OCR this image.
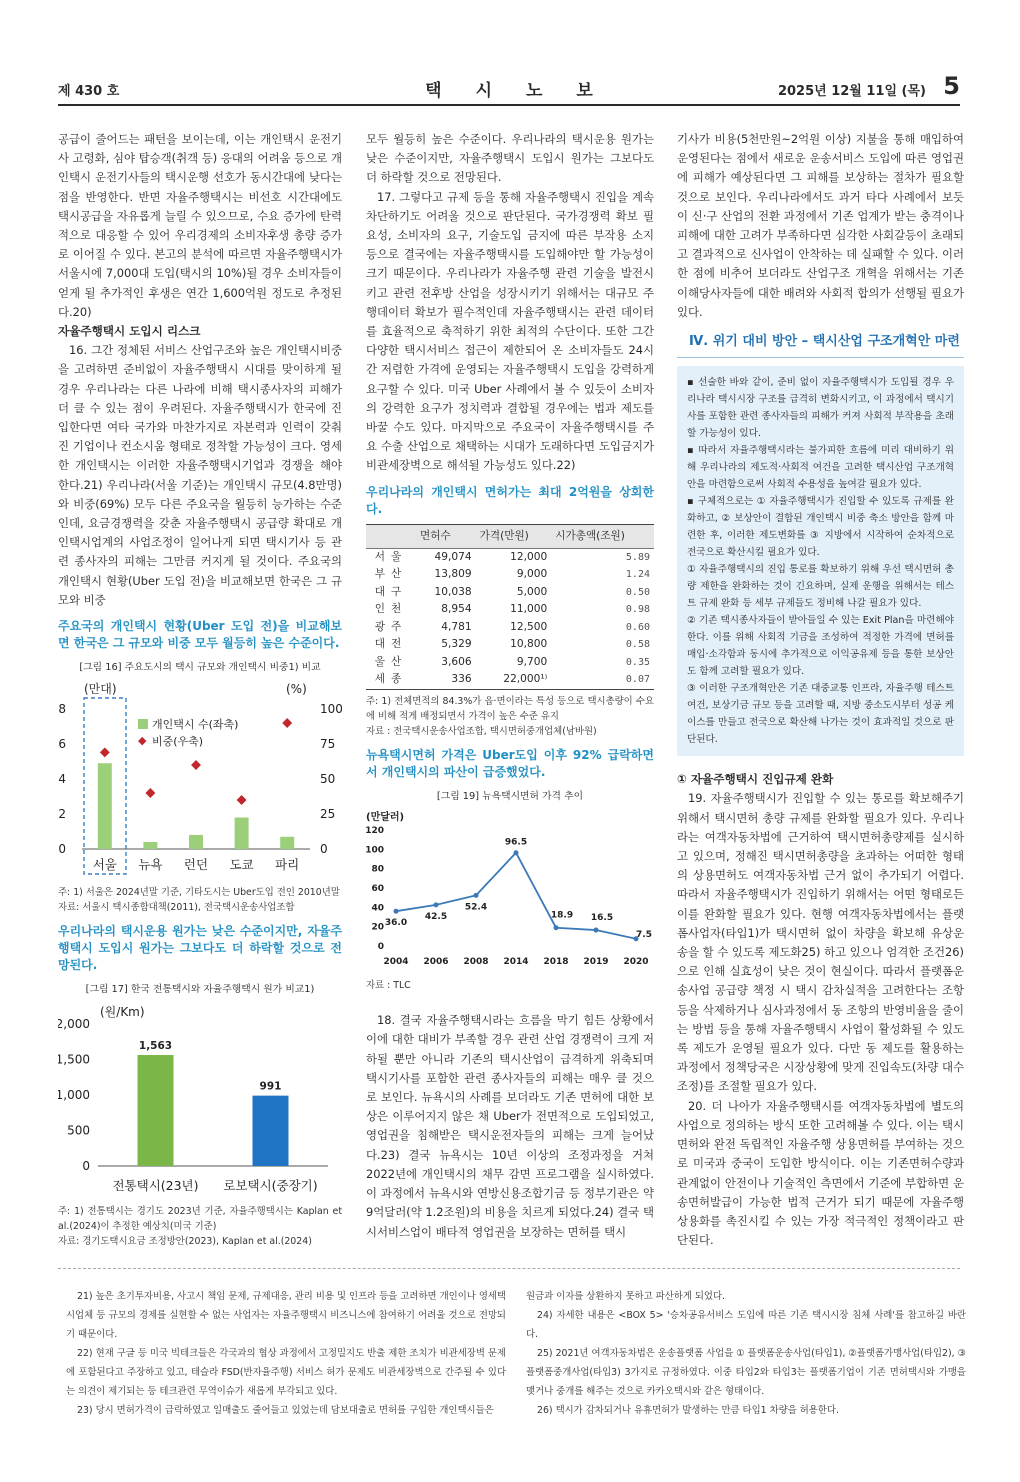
제 430 호	택시노보	2025년 12월 11일 (목) 5

공급이 줄어드는 패턴을 보이는데, 이는 개인택시 운전기사 고령화, 심야 탑승객(취객 등) 응대의 어려움 등으로 개인택시 운전기사들의 택시운행 선호가 동시간대에 낮다는 점을 반영한다. 반면 자율주행택시는 비선호 시간대에도 택시공급을 자유롭게 늘릴 수 있으므로, 수요 증가에 탄력적으로 대응할 수 있어 우리경제의 소비자후생 총량 증가로 이어질 수 있다. 본고의 분석에 따르면 자율주행택시가 서울시에 7,000대 도입(택시의 10%)될 경우 소비자들이 얻게 될 추가적인 후생은 연간 1,600억원 정도로 추정된다.20)

자율주행택시 도입시 리스크

16. 그간 정체된 서비스 산업구조와 높은 개인택시비중을 고려하면 준비없이 자율주행택시 시대를 맞이하게 될 경우 우리나라는 다른 나라에 비해 택시종사자의 피해가 더 클 수 있는 점이 우려된다. 자율주행택시가 한국에 진입한다면 여타 국가와 마찬가지로 자본력과 인력이 갖춰진 기업이나 컨소시움 형태로 정착할 가능성이 크다. 영세한 개인택시는 이러한 자율주행택시기업과 경쟁을 해야 한다.21) 우리나라(서울 기준)는 개인택시 규모(4.8만명)와 비중(69%) 모두 다른 주요국을 월등히 능가하는 수준인데, 요금경쟁력을 갖춘 자율주행택시 공급량 확대로 개인택시업계의 사업조정이 일어나게 되면 택시기사 등 관련 종사자의 피해는 그만큼 커지게 될 것이다. 주요국의 개인택시 현황(Uber 도입 전)을 비교해보면 한국은 그 규모와 비중

주요국의 개인택시 현황(Uber 도입 전)을 비교해보면 한국은 그 규모와 비중 모두 월등히 높은 수준이다.

[그림 16] 주요도시의 택시 규모와 개인택시 비중1) 비교

(만대)	(%)
0
2
4
6
8
0
25
50
75
100
서울 뉴욕 런던 도쿄 파리
개인택시 수(좌축)
◆ 비중(우축)

주: 1) 서울은 2024년말 기준, 기타도시는 Uber도입 전인 2010년말

자료: 서울시 택시종합대책(2011), 전국택시운송사업조합

우리나라의 택시운용 원가는 낮은 수준이지만, 자율주행택시 도입시 원가는 그보다도 더 하락할 것으로 전망된다.

[그림 17] 한국 전통택시와 자율주행택시 원가 비교1)

(원/Km)
0
500
1,000
1,500
2,000
전통택시(23년) 로보택시(중장기)
1,563
991

주: 1) 전통택시는 경기도 2023년 기준, 자율주행택시는 Kaplan et al.(2024)이 추정한 예상치(미국 기준)

자료: 경기도택시요금 조정방안(2023), Kaplan et al.(2024)

모두 월등히 높은 수준이다. 우리나라의 택시운용 원가는 낮은 수준이지만, 자율주행택시 도입시 원가는 그보다도 더 하락할 것으로 전망된다.

17. 그렇다고 규제 등을 통해 자율주행택시 진입을 계속 차단하기도 어려울 것으로 판단된다. 국가경쟁력 확보 필요성, 소비자의 요구, 기술도입 금지에 따른 부작용 소지 등으로 결국에는 자율주행택시를 도입해야만 할 가능성이 크기 때문이다. 우리나라가 자율주행 관련 기술을 발전시키고 관련 전후방 산업을 성장시키기 위해서는 대규모 주행데이터 확보가 필수적인데 자율주행택시는 관련 데이터를 효율적으로 축적하기 위한 최적의 수단이다. 또한 그간 다양한 택시서비스 접근이 제한되어 온 소비자들도 24시간 저렴한 가격에 운영되는 자율주행택시 도입을 강력하게 요구할 수 있다. 미국 Uber 사례에서 볼 수 있듯이 소비자의 강력한 요구가 정치력과 결합될 경우에는 법과 제도를 바꿀 수도 있다. 마지막으로 주요국이 자율주행택시를 주요 수출 산업으로 채택하는 시대가 도래하다면 도입금지가 비관세장벽으로 해석될 가능성도 있다.22)

우리나라의 개인택시 면허가는 최대 2억원을 상회한다.

	면허수	가격(만원)	시가총액(조원)
서울	49,074	12,000	5.89
부산	13,809	9,000	1.24
대구	10,038	5,000	0.50
인천	8,954	11,000	0.98
광주	4,781	12,500	0.60
대전	5,329	10,800	0.58
울산	3,606	9,700	0.35
세종	336	22,000¹⁾	0.07

주: 1) 전체면적의 84.3%가 읍·면이라는 특성 등으로 택시총량이 수요에 비해 적게 배정되면서 가격이 높은 수준 유지

자료 : 전국택시운송사업조합, 택시면허중개업체(남바원)

뉴욕택시면허 가격은 Uber도입 이후 92% 급락하면서 개인택시의 파산이 급증했었다.

[그림 19] 뉴욕택시면허 가격 추이

(만달러)
0
20
40
60
80
100
120
2004 2006 2008 2014 2018 2019 2020
36.0
42.5
52.4
96.5
18.9 16.5
7.5

자료 : TLC

18. 결국 자율주행택시라는 흐름을 막기 힘든 상황에서 이에 대한 대비가 부족할 경우 관련 산업 경쟁력이 크게 저하될 뿐만 아니라 기존의 택시산업이 급격하게 위축되며 택시기사를 포함한 관련 종사자들의 피해는 매우 클 것으로 보인다. 뉴욕시의 사례를 보더라도 기존 면허에 대한 보상은 이루어지지 않은 채 Uber가 전면적으로 도입되었고, 영업권을 침해받은 택시운전자들의 피해는 크게 늘어났다.23) 결국 뉴욕시는 10년 이상의 조정과정을 거쳐 2022년에 개인택시의 채무 감면 프로그램을 실시하였다. 이 과정에서 뉴욕시와 연방신용조합기금 등 정부기관은 약 9억달러(약 1.2조원)의 비용을 치르게 되었다.24) 결국 택시서비스업이 배타적 영업권을 보장하는 면허를 택시

기사가 비용(5천만원~2억원 이상) 지불을 통해 매입하여 운영된다는 점에서 새로운 운송서비스 도입에 따른 영업권에 피해가 예상된다면 그 피해를 보상하는 절차가 필요할 것으로 보인다. 우리나라에서도 과거 타다 사례에서 보듯이 신·구 산업의 전환 과정에서 기존 업계가 받는 충격이나 피해에 대한 고려가 부족하다면 심각한 사회갈등이 초래되고 결과적으로 신사업이 안착하는 데 실패할 수 있다. 이러한 점에 비추어 보더라도 산업구조 개혁을 위해서는 기존 이해당사자들에 대한 배려와 사회적 합의가 선행될 필요가 있다.

Ⅳ. 위기 대비 방안 – 택시산업 구조개혁안 마련

▪ 선술한 바와 같이, 준비 없이 자율주행택시가 도입될 경우 우리나라 택시시장 구조를 급격히 변화시키고, 이 과정에서 택시기사를 포함한 관련 종사자들의 피해가 커져 사회적 부작용을 초래할 가능성이 있다.

▪ 따라서 자율주행택시라는 불가피한 흐름에 미리 대비하기 위해 우리나라의 제도적·사회적 여건을 고려한 택시산업 구조개혁안을 마련함으로써 사회적 수용성을 높여갈 필요가 있다.

▪ 구체적으로는 ① 자율주행택시가 진입할 수 있도록 규제를 완화하고, ② 보상안이 결합된 개인택시 비중 축소 방안을 함께 마련한 후, 이러한 제도변화를 ③ 지방에서 시작하여 순차적으로 전국으로 확산시킬 필요가 있다.

① 자율주행택시의 진입 통로를 확보하기 위해 우선 택시면허 총량 제한을 완화하는 것이 긴요하며, 실제 운행을 위해서는 테스트 규제 완화 등 세부 규제들도 정비해 나갈 필요가 있다.

② 기존 택시종사자들이 받아들일 수 있는 Exit Plan을 마련해야 한다. 이를 위해 사회적 기금을 조성하여 적정한 가격에 면허를 매입·소각함과 동시에 추가적으로 이익공유제 등을 통한 보상안도 함께 고려할 필요가 있다.

③ 이러한 구조개혁안은 기존 대중교통 인프라, 자율주행 테스트 여건, 보상기금 규모 등을 고려할 때, 지방 중소도시부터 성공 케이스를 만들고 전국으로 확산해 나가는 것이 효과적일 것으로 판단된다.

① 자율주행택시 진입규제 완화

19. 자율주행택시가 진입할 수 있는 통로를 확보해주기 위해서 택시면허 총량 규제를 완화할 필요가 있다. 우리나라는 여객자동차법에 근거하여 택시면허총량제를 실시하고 있으며, 정해진 택시면허총량을 초과하는 어떠한 형태의 상용면허도 여객자동차법 근거 없이 추가되기 어렵다. 따라서 자율주행택시가 진입하기 위해서는 어떤 형태로든 이를 완화할 필요가 있다. 현행 여객자동차법에서는 플랫폼사업자(타입1)가 택시면허 없이 차량을 확보해 유상운송을 할 수 있도록 제도화25) 하고 있으나 엄격한 조건26)으로 인해 실효성이 낮은 것이 현실이다. 따라서 플랫폼운송사업 공급량 책정 시 택시 감차실적을 고려한다는 조항 등을 삭제하거나 심사과정에서 동 조항의 반영비율을 줄이는 방법 등을 통해 자율주행택시 사업이 활성화될 수 있도록 제도가 운영될 필요가 있다. 다만 동 제도를 활용하는 과정에서 정책당국은 시장상황에 맞게 진입속도(차량 대수 조정)를 조절할 필요가 있다.

20. 더 나아가 자율주행택시를 여객자동차법에 별도의 사업으로 정의하는 방식 또한 고려해볼 수 있다. 이는 택시면허와 완전 독립적인 자율주행 상용면허를 부여하는 것으로 미국과 중국이 도입한 방식이다. 이는 기존면허수량과 관계없이 안전이나 기술적인 측면에서 기준에 부합하면 운송면허발급이 가능한 법적 근거가 되기 때문에 자율주행 상용화를 촉진시킬 수 있는 가장 적극적인 정책이라고 판단된다.

21) 높은 초기투자비용, 사고시 책임 문제, 규제대응, 관리 비용 및 인프라 등을 고려하면 개인이나 영세택시업체 등 규모의 경제를 실현할 수 없는 사업자는 자율주행택시 비즈니스에 참여하기 어려울 것으로 전망되기 때문이다.

22) 현재 구글 등 미국 빅테크들은 각국과의 협상 과정에서 고정밀지도 반출 제한 조치가 비관세장벽 문제에 포함된다고 주장하고 있고, 테슬라 FSD(반자율주행) 서비스 허가 문제도 비관세장벽으로 간주될 수 있다는 의견이 제기되는 등 테크관련 무역이슈가 새롭게 부각되고 있다.

23) 당시 면허가격이 급락하였고 일매출도 줄어들고 있었는데 담보대출로 면허를 구입한 개인택시들은

원금과 이자를 상환하지 못하고 파산하게 되었다.

24) 자세한 내용은 <BOX 5> '승차공유서비스 도입에 따른 기존 택시시장 침체 사례'를 참고하길 바란다.

25) 2021년 여객자동차법은 운송플랫폼 사업을 ① 플랫폼운송사업(타입1), ②플랫폼가맹사업(타입2), ③플랫폼중개사업(타입3) 3가지로 규정하였다. 이중 타입2와 타입3는 플랫폼기업이 기존 면허택시와 가맹을 맺거나 중개를 해주는 것으로 카카오택시와 같은 형태이다.

26) 택시가 감차되거나 유휴면허가 발생하는 만큼 타입1 차량을 허용한다.
